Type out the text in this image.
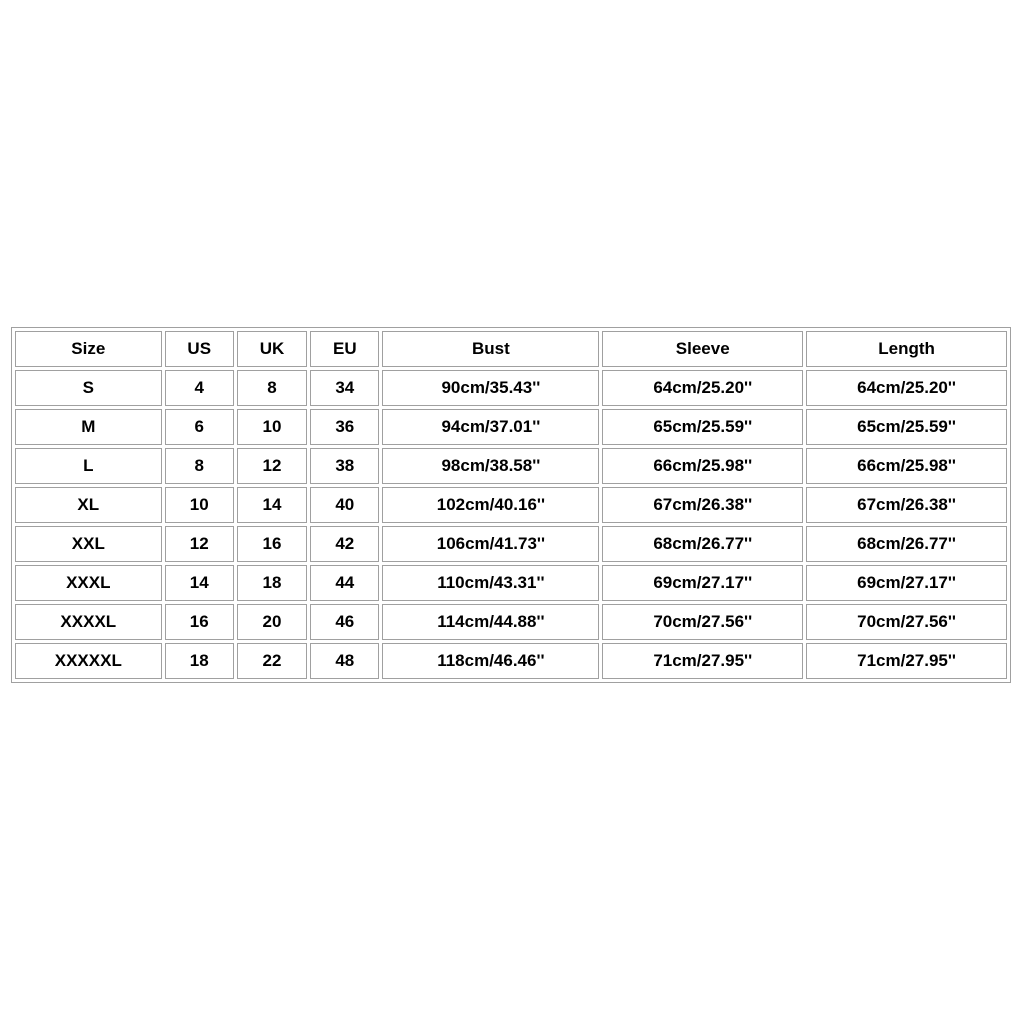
Size	US	UK	EU	Bust	Sleeve	Length
S	4	8	34	90cm/35.43''	64cm/25.20''	64cm/25.20''
M	6	10	36	94cm/37.01''	65cm/25.59''	65cm/25.59''
L	8	12	38	98cm/38.58''	66cm/25.98''	66cm/25.98''
XL	10	14	40	102cm/40.16''	67cm/26.38''	67cm/26.38''
XXL	12	16	42	106cm/41.73''	68cm/26.77''	68cm/26.77''
XXXL	14	18	44	110cm/43.31''	69cm/27.17''	69cm/27.17''
XXXXL	16	20	46	114cm/44.88''	70cm/27.56''	70cm/27.56''
XXXXXL	18	22	48	118cm/46.46''	71cm/27.95''	71cm/27.95''
